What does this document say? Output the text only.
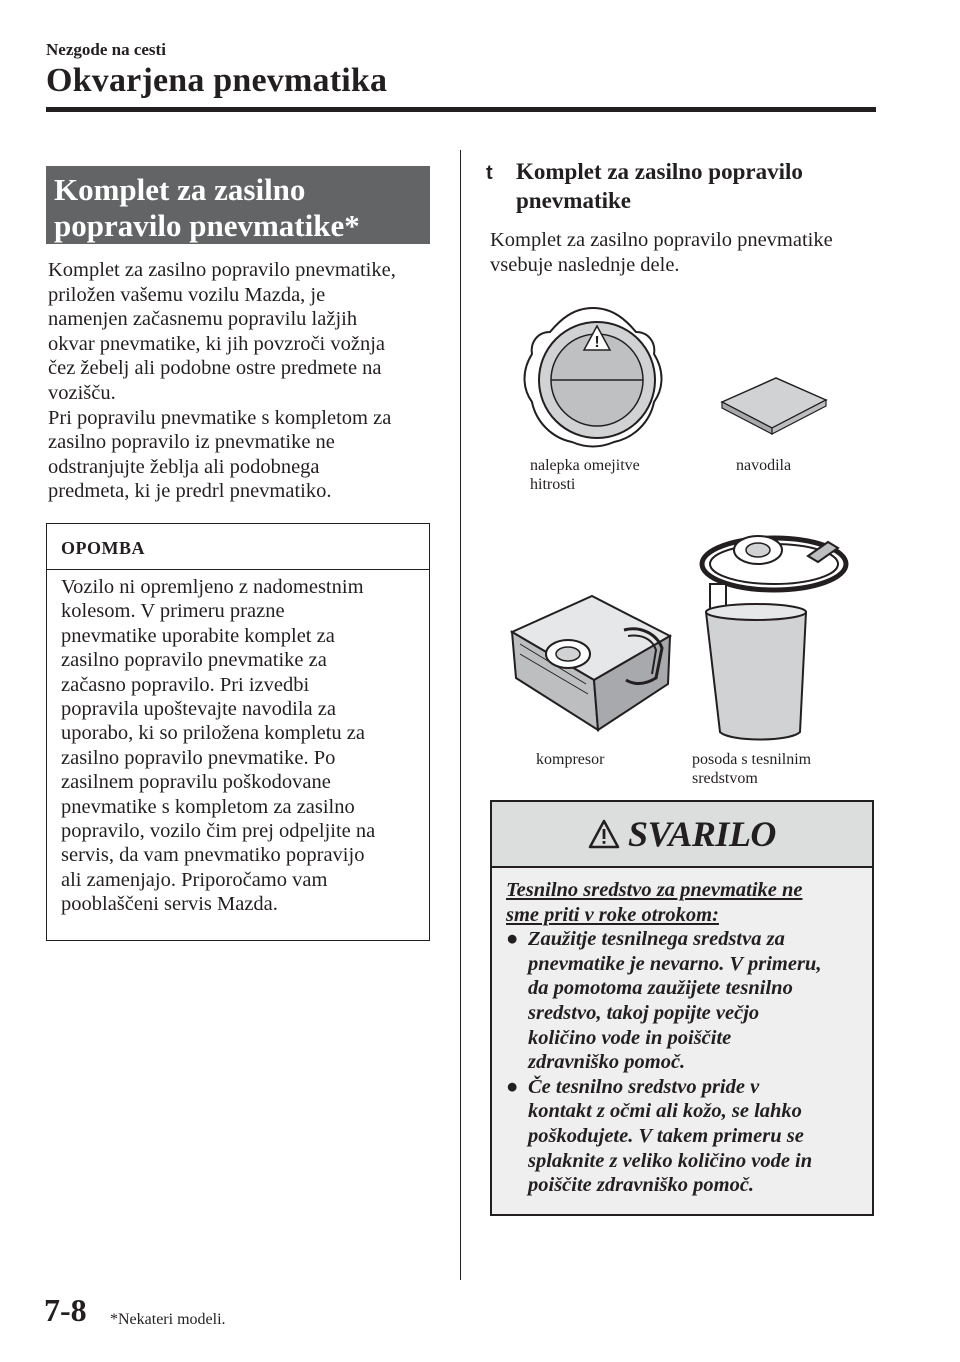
Nezgode na cesti
Okvarjena pnevmatika
Komplet za zasilno
popravilo pnevmatike*
Komplet za zasilno popravilo pnevmatike,
priložen vašemu vozilu Mazda, je
namenjen začasnemu popravilu lažjih
okvar pnevmatike, ki jih povzroči vožnja
čez žebelj ali podobne ostre predmete na
vozišču.
Pri popravilu pnevmatike s kompletom za
zasilno popravilo iz pnevmatike ne
odstranjujte žeblja ali podobnega
predmeta, ki je predrl pnevmatiko.
OPOMBA
Vozilo ni opremljeno z nadomestnim
kolesom. V primeru prazne
pnevmatike uporabite komplet za
zasilno popravilo pnevmatike za
začasno popravilo. Pri izvedbi
popravila upoštevajte navodila za
uporabo, ki so priložena kompletu za
zasilno popravilo pnevmatike. Po
zasilnem popravilu poškodovane
pnevmatike s kompletom za zasilno
popravilo, vozilo čim prej odpeljite na
servis, da vam pnevmatiko popravijo
ali zamenjajo. Priporočamo vam
pooblaščeni servis Mazda.
t Komplet za zasilno popravilo
pnevmatike
Komplet za zasilno popravilo pnevmatike
vsebuje naslednje dele.
!
nalepka omejitve
hitrosti
navodila
kompresor	posoda s tesnilnim
sredstvom
SVARILO
Tesnilno sredstvo za pnevmatike ne
sme priti v roke otrokom:
● Zaužitje tesnilnega sredstva za
pnevmatike je nevarno. V primeru,
da pomotoma zaužijete tesnilno
sredstvo, takoj popijte večjo
količino vode in poiščite
zdravniško pomoč.
● Če tesnilno sredstvo pride v
kontakt z očmi ali kožo, se lahko
poškodujete. V takem primeru se
splaknite z veliko količino vode in
poiščite zdravniško pomoč.
7-8 *Nekateri modeli.
